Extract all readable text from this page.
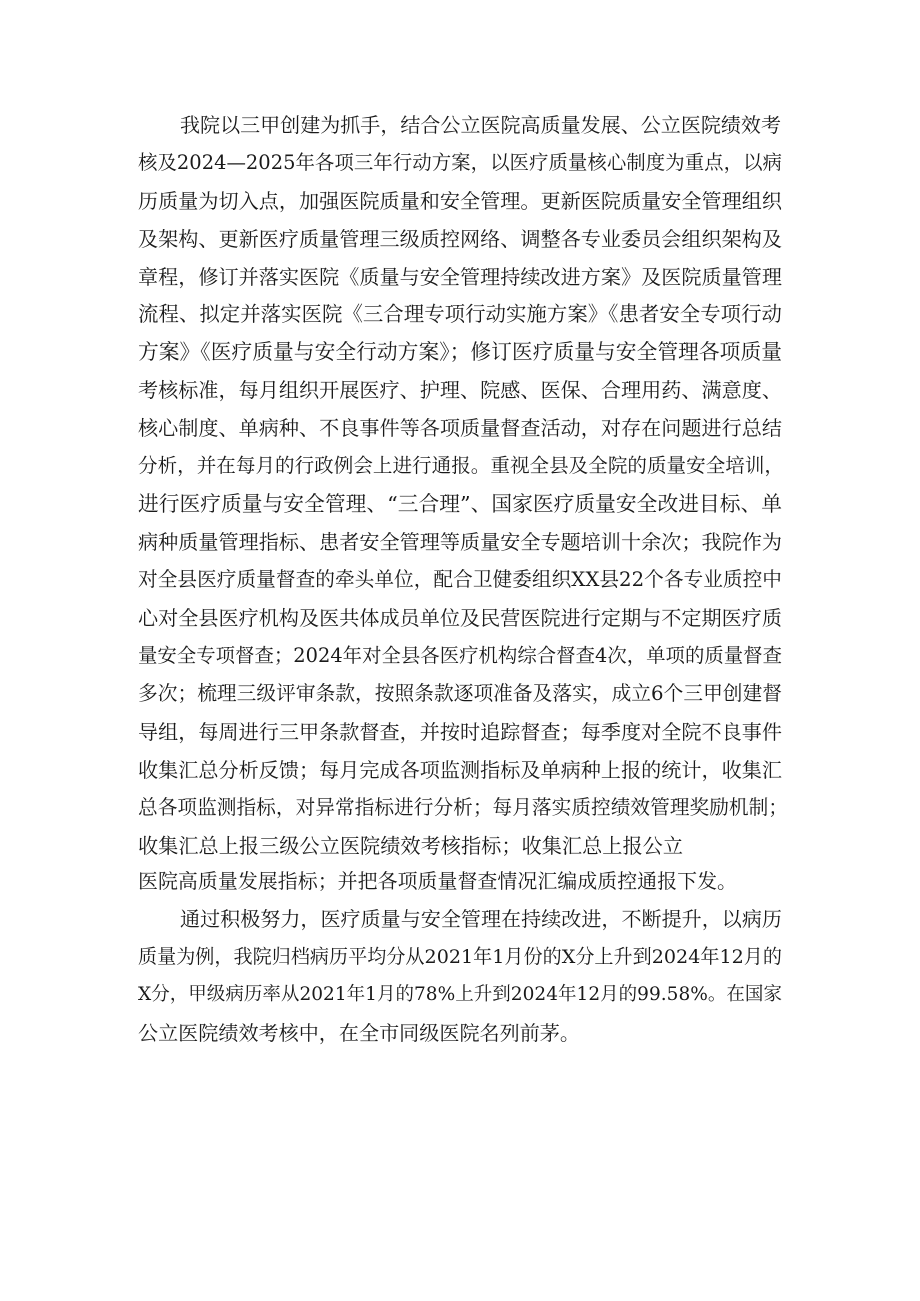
我院以三甲创建为抓手，结合公立医院高质量发展、公立医院绩效考
核及2024—2025年各项三年行动方案，以医疗质量核心制度为重点，以病
历质量为切入点，加强医院质量和安全管理。更新医院质量安全管理组织
及架构、更新医疗质量管理三级质控网络、调整各专业委员会组织架构及
章程，修订并落实医院《质量与安全管理持续改进方案》及医院质量管理
流程、拟定并落实医院《三合理专项行动实施方案》《患者安全专项行动
方案》《医疗质量与安全行动方案》；修订医疗质量与安全管理各项质量
考核标准，每月组织开展医疗、护理、院感、医保、合理用药、满意度、
核心制度、单病种、不良事件等各项质量督查活动，对存在问题进行总结
分析，并在每月的行政例会上进行通报。重视全县及全院的质量安全培训，
进行医疗质量与安全管理、“三合理”、国家医疗质量安全改进目标、单
病种质量管理指标、患者安全管理等质量安全专题培训十余次；我院作为
对全县医疗质量督查的牵头单位，配合卫健委组织XX县22个各专业质控中
心对全县医疗机构及医共体成员单位及民营医院进行定期与不定期医疗质
量安全专项督查；2024年对全县各医疗机构综合督查4次，单项的质量督查
多次；梳理三级评审条款，按照条款逐项准备及落实，成立6个三甲创建督
导组，每周进行三甲条款督查，并按时追踪督查；每季度对全院不良事件
收集汇总分析反馈；每月完成各项监测指标及单病种上报的统计，收集汇
总各项监测指标，对异常指标进行分析；每月落实质控绩效管理奖励机制；
收集汇总上报三级公立医院绩效考核指标；收集汇总上报公立
医院高质量发展指标；并把各项质量督查情况汇编成质控通报下发。
通过积极努力，医疗质量与安全管理在持续改进，不断提升，以病历
质量为例，我院归档病历平均分从2021年1月份的X分上升到2024年12月的
X分，甲级病历率从2021年1月的78%上升到2024年12月的99.58%。在国家
公立医院绩效考核中，在全市同级医院名列前茅。
